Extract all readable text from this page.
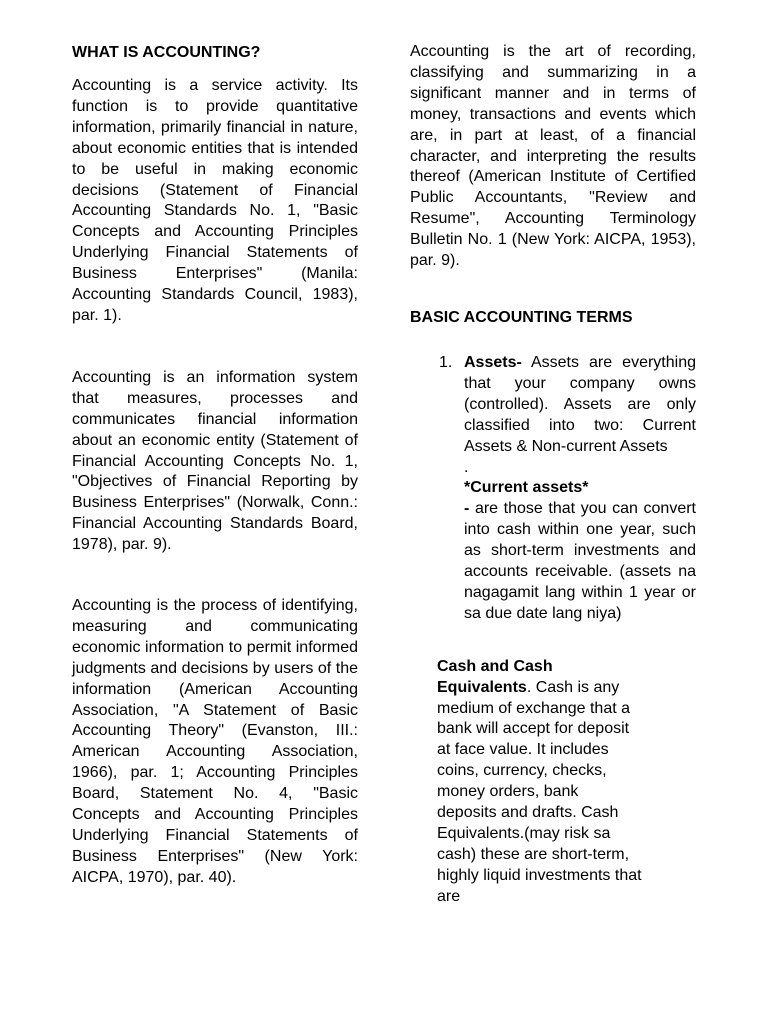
WHAT IS ACCOUNTING?

Accounting is a service activity. Its function is to provide quantitative information, primarily financial in nature, about economic entities that is intended to be useful in making economic decisions (Statement of Financial Accounting Standards No. 1, "Basic Concepts and Accounting Principles Underlying Financial Statements of Business Enterprises" (Manila: Accounting Standards Council, 1983), par. 1).

Accounting is an information system that measures, processes and communicates financial information about an economic entity (Statement of Financial Accounting Concepts No. 1, "Objectives of Financial Reporting by Business Enterprises" (Norwalk, Conn.: Financial Accounting Standards Board, 1978), par. 9).

Accounting is the process of identifying, measuring and communicating economic information to permit informed judgments and decisions by users of the information (American Accounting Association, "A Statement of Basic Accounting Theory" (Evanston, III.: American Accounting Association, 1966), par. 1; Accounting Principles Board, Statement No. 4, "Basic Concepts and Accounting Principles Underlying Financial Statements of Business Enterprises" (New York: AICPA, 1970), par. 40).

Accounting is the art of recording, classifying and summarizing in a significant manner and in terms of money, transactions and events which are, in part at least, of a financial character, and interpreting the results thereof (American Institute of Certified Public Accountants, "Review and Resume", Accounting Terminology Bulletin No. 1 (New York: AICPA, 1953), par. 9).

BASIC ACCOUNTING TERMS
1. Assets- Assets are everything that your company owns (controlled). Assets are only classified into two: Current Assets & Non-current Assets

.

*Current assets*

- are those that you can convert into cash within one year, such as short-term investments and accounts receivable. (assets na nagagamit lang within 1 year or sa due date lang niya)

Cash and Cash Equivalents. Cash is any medium of exchange that a bank will accept for deposit at face value. It includes coins, currency, checks, money orders, bank deposits and drafts. Cash Equivalents.(may risk sa cash) these are short-term, highly liquid investments that are
